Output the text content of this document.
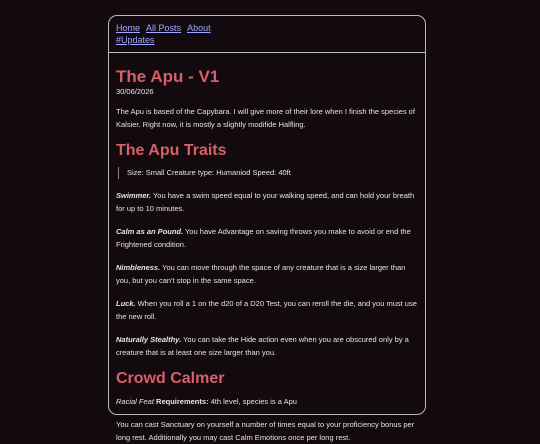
Home All Posts About
#Updates
The Apu - V1
30/06/2026

The Apu is based of the Capybara. I will give more of their lore when I finish the species of Kalsier. Right now, it is mostly a slightly modifide Halfling.

The Apu Traits
Size: Small Creature type: Humaniod Speed: 40ft

Swimmer. You have a swim speed equal to your walking speed, and can hold your breath for up to 10 minutes.

Calm as an Pound. You have Advantage on saving throws you make to avoid or end the Frightened condition.

Nimbleness. You can move through the space of any creature that is a size larger than you, but you can't stop in the same space.

Luck. When you roll a 1 on the d20 of a D20 Test, you can reroll the die, and you must use the new roll.

Naturally Stealthy. You can take the Hide action even when you are obscured only by a creature that is at least one size larger than you.

Crowd Calmer

Racial Feat Requirements: 4th level, species is a Apu

You can cast Sanctuary on yourself a number of times equal to your proficiency bonus per long rest. Additionally you may cast Calm Emotions once per long rest.
